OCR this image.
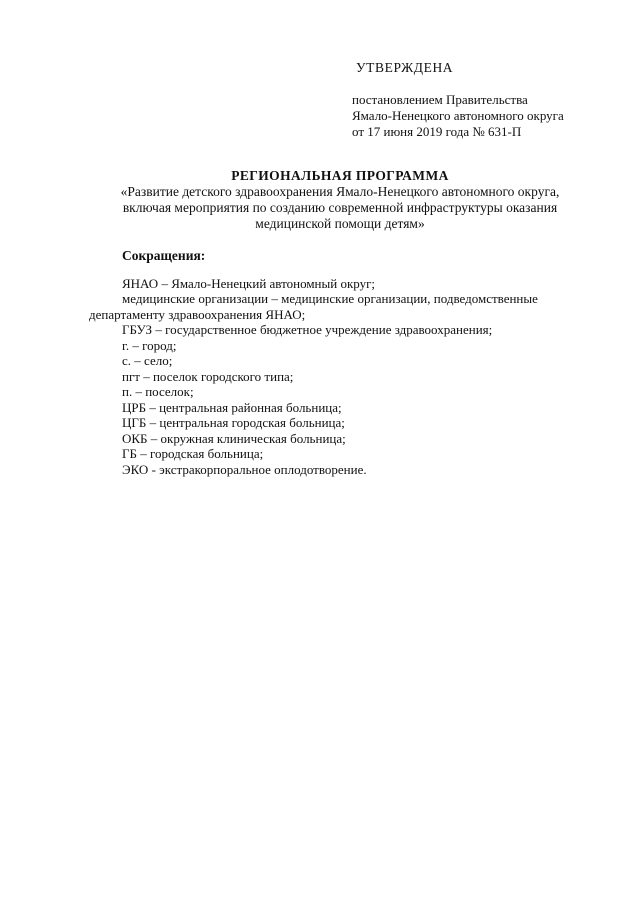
УТВЕРЖДЕНА
постановлением Правительства
Ямало-Ненецкого автономного округа
от 17 июня 2019 года № 631-П
РЕГИОНАЛЬНАЯ ПРОГРАММА
«Развитие детского здравоохранения Ямало-Ненецкого автономного округа,
включая мероприятия по созданию современной инфраструктуры оказания
медицинской помощи детям»
Сокращения:
ЯНАО – Ямало-Ненецкий автономный округ;
медицинские организации – медицинские организации, подведомственные департаменту здравоохранения ЯНАО;
ГБУЗ – государственное бюджетное учреждение здравоохранения;
г. – город;
с. – село;
пгт – поселок городского типа;
п. – поселок;
ЦРБ – центральная районная больница;
ЦГБ – центральная городская больница;
ОКБ – окружная клиническая больница;
ГБ – городская больница;
ЭКО - экстракорпоральное оплодотворение.
